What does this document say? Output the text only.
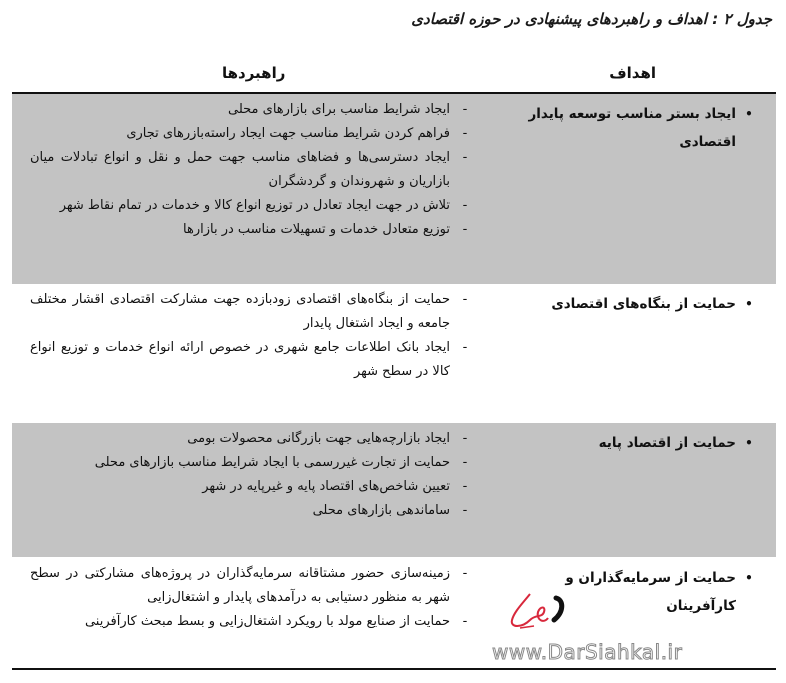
جدول ۲ : اهداف و راهبردهای پیشنهادی در حوزه اقتصادی
اهداف
راهبردها
•
ایجاد بستر مناسب توسعه پایدار اقتصادی
-
ایجاد شرایط مناسب برای بازارهای محلی
-
فراهم کردن شرایط مناسب جهت ایجاد راسته‌بازرهای تجاری
-
ایجاد دسترسی‌ها و فضاهای مناسب جهت حمل و نقل و انواع تبادلات میان بازاریان و شهروندان و گردشگران
-
تلاش در جهت ایجاد تعادل در توزیع انواع کالا و خدمات در تمام نقاط شهر
-
توزیع متعادل خدمات و تسهیلات مناسب در بازارها
•
حمایت از بنگاه‌های اقتصادی
-
حمایت از بنگاه‌های اقتصادی زودبازده جهت مشارکت اقتصادی اقشار مختلف جامعه و ایجاد اشتغال پایدار
-
ایجاد بانک اطلاعات جامع شهری در خصوص ارائه انواع خدمات و توزیع انواع کالا در سطح شهر
•
حمایت از اقتصاد پایه
-
ایجاد بازارچه‌هایی جهت بازرگانی محصولات بومی
-
حمایت از تجارت غیررسمی با ایجاد شرایط مناسب بازارهای محلی
-
تعیین شاخص‌های اقتصاد پایه و غیرپایه در شهر
-
ساماندهی بازارهای محلی
•
حمایت از سرمایه‌گذاران و کارآفرینان
-
زمینه‌سازی حضور مشتاقانه سرمایه‌گذاران در پروژه‌های مشارکتی در سطح شهر به منظور دستیابی به درآمدهای پایدار و اشتغال‌زایی
-
حمایت از صنایع مولد با رویکرد اشتغال‌زایی و بسط مبحث کارآفرینی
www.DarSiahkal.ir
